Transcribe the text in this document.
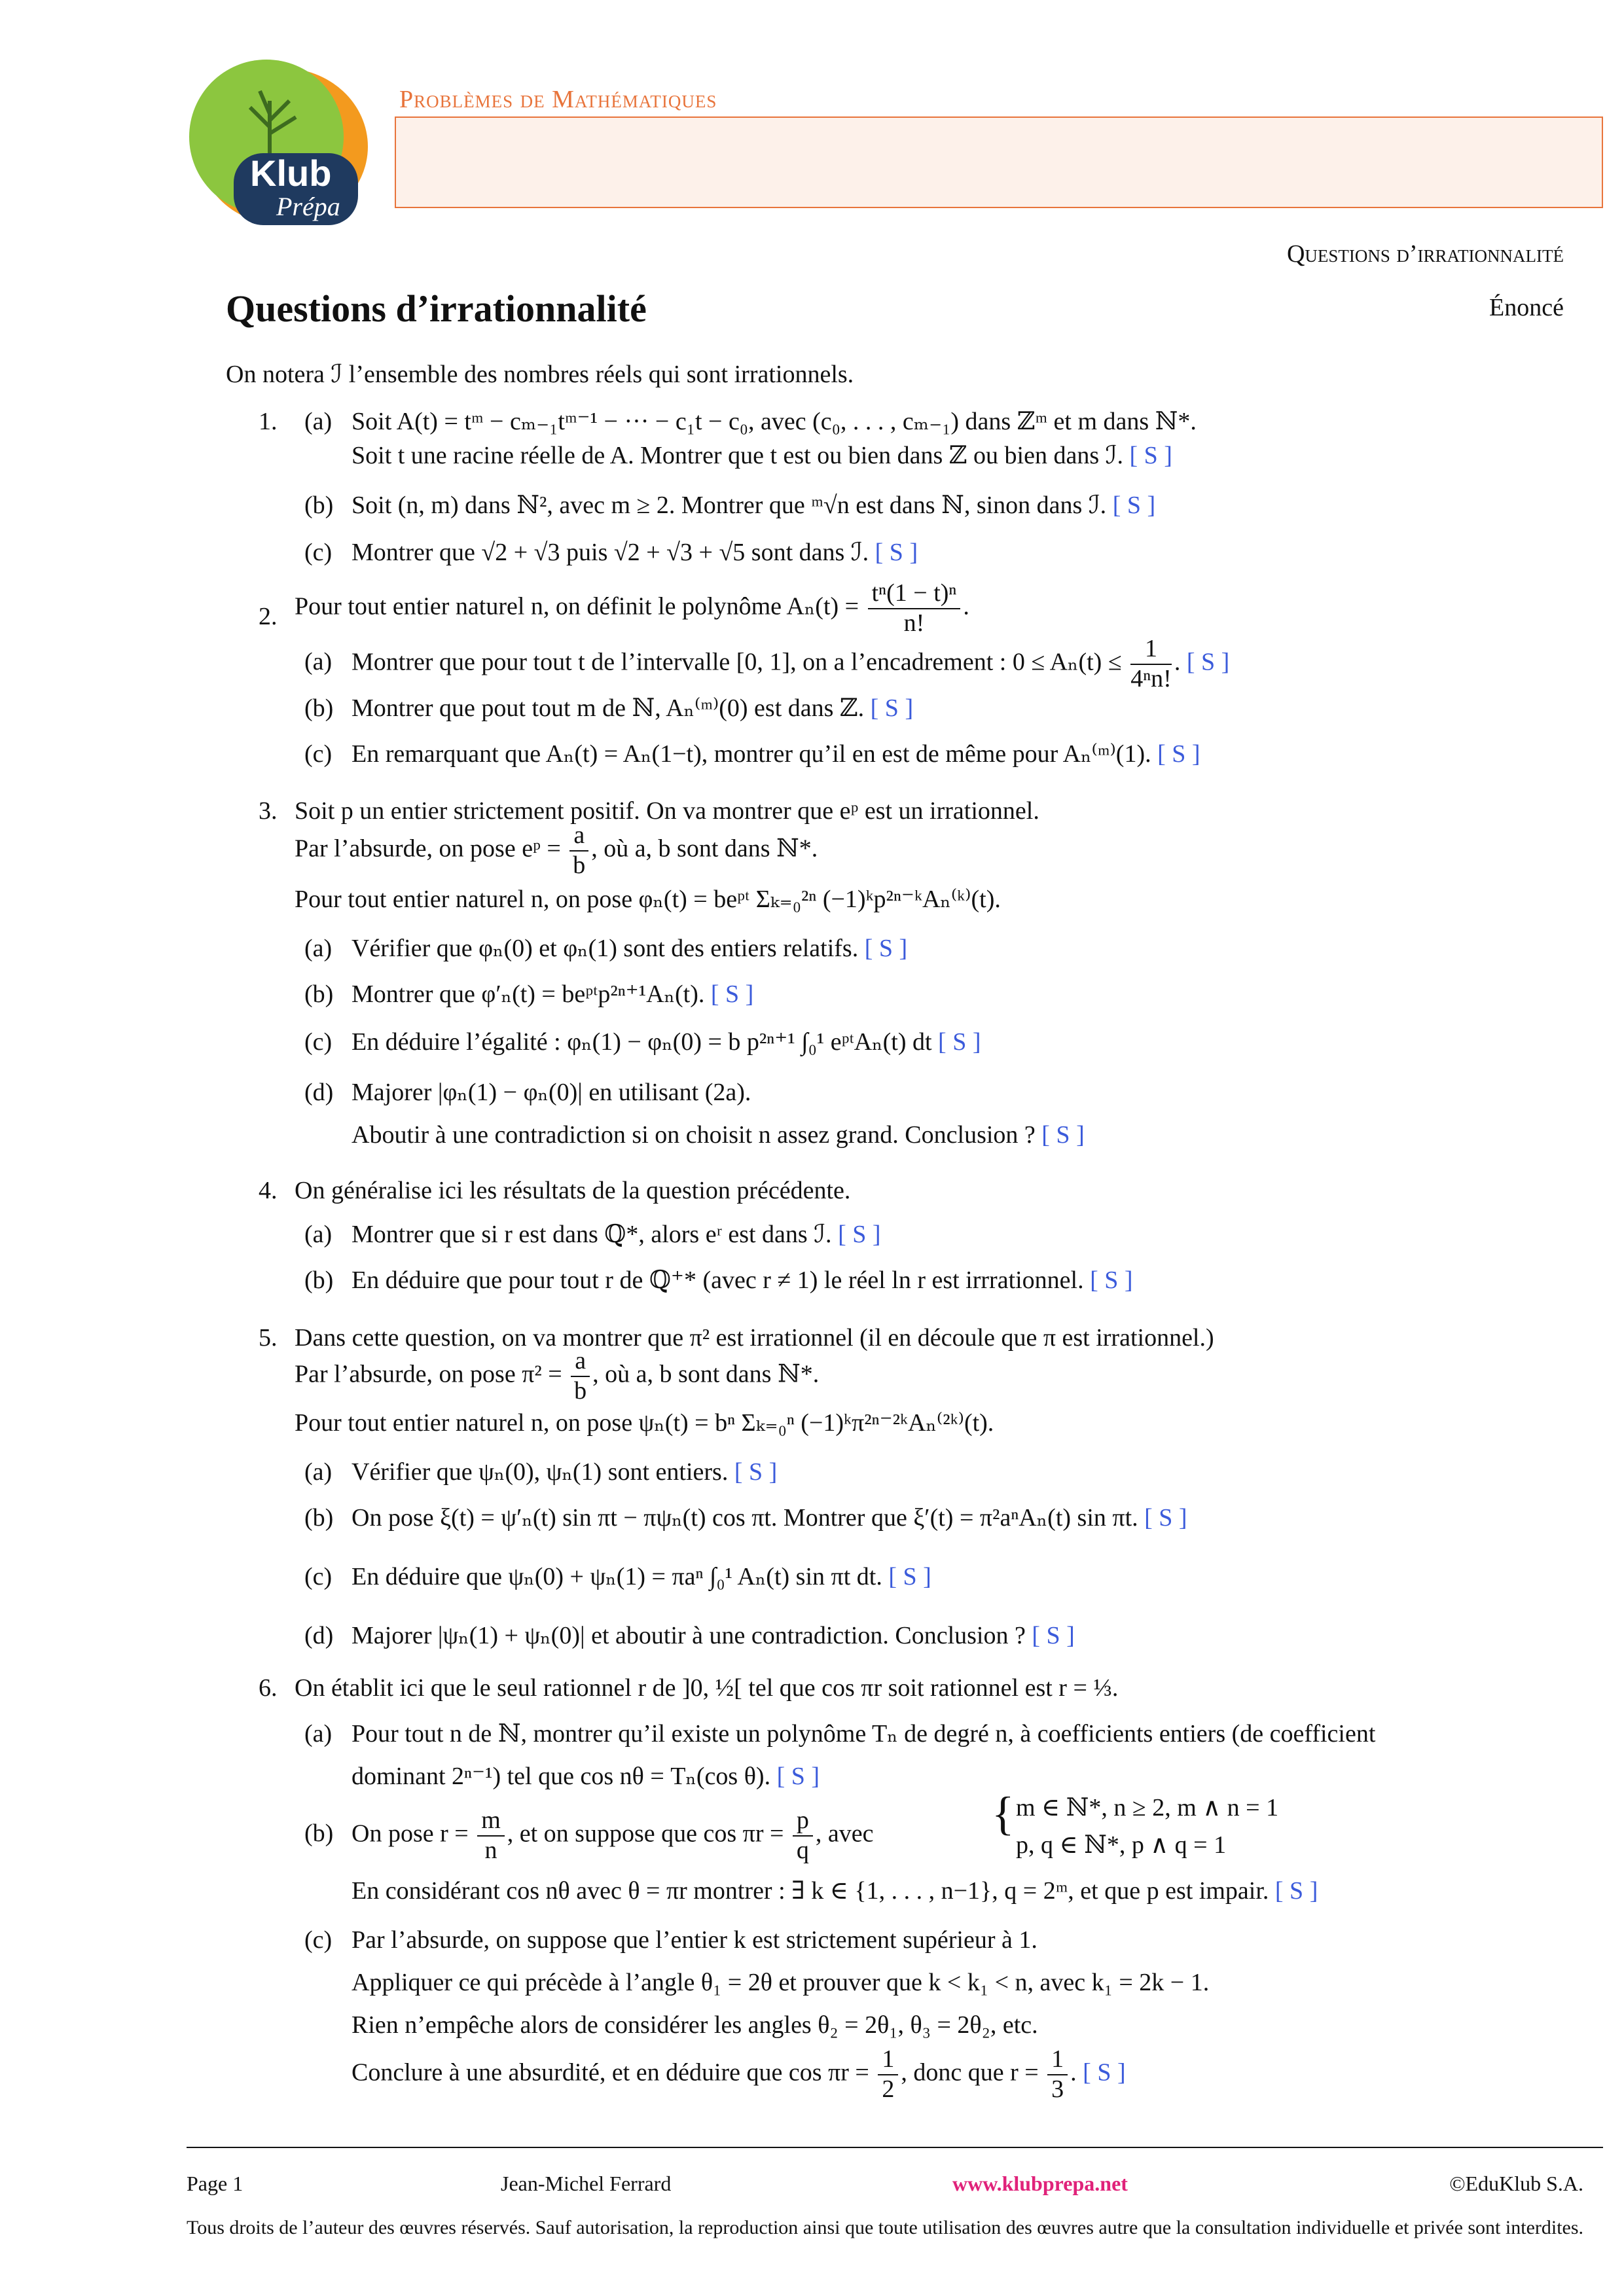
Klub
Prépa
Problèmes de Mathématiques
Questions d’irrationnalité
Énoncé
Questions d’irrationnalité
On notera ℐ l’ensemble des nombres réels qui sont irrationnels.
1. (a) Soit A(t) = tᵐ − cₘ₋₁tᵐ⁻¹ − ··· − c₁t − c₀, avec (c₀, . . . , cₘ₋₁) dans ℤᵐ et m dans ℕ*.
Soit t une racine réelle de A. Montrer que t est ou bien dans ℤ ou bien dans ℐ. [ S ]
(b) Soit (n, m) dans ℕ², avec m ≥ 2. Montrer que ᵐ√n est dans ℕ, sinon dans ℐ. [ S ]
(c) Montrer que √2 + √3 puis √2 + √3 + √5 sont dans ℐ. [ S ]
2. Pour tout entier naturel n, on définit le polynôme $A_n(t) = \frac{\text{tⁿ(1 − t)ⁿ}}{n!}$ .
(a) Montrer que pour tout t de l’intervalle [0, 1], on a l’encadrement : $0 \le A_n(t) \le \frac{1}{\text{4ⁿn!}}$ . [ S ]
(b) Montrer que pout tout m de ℕ, Aₙ⁽ᵐ⁾(0) est dans ℤ. [ S ]
(c) En remarquant que Aₙ(t) = Aₙ(1−t), montrer qu’il en est de même pour Aₙ⁽ᵐ⁾(1). [ S ]
3. Soit p un entier strictement positif. On va montrer que eᵖ est un irrationnel.
Par l’absurde, on pose eᵖ = $\frac{a}{b}$ , où a, b sont dans ℕ*.
Pour tout entier naturel n, on pose φₙ(t) = beᵖᵗ Σₖ₌₀²ⁿ (−1)ᵏp²ⁿ⁻ᵏAₙ⁽ᵏ⁾(t).
(a) Vérifier que φₙ(0) et φₙ(1) sont des entiers relatifs. [ S ]
(b) Montrer que φ′ₙ(t) = beᵖᵗp²ⁿ⁺¹Aₙ(t). [ S ]
(c) En déduire l’égalité : φₙ(1) − φₙ(0) = b p²ⁿ⁺¹ ∫₀¹ eᵖᵗAₙ(t) dt [ S ]
(d) Majorer |φₙ(1) − φₙ(0)| en utilisant (2a).
Aboutir à une contradiction si on choisit n assez grand. Conclusion ? [ S ]
4. On généralise ici les résultats de la question précédente.
(a) Montrer que si r est dans ℚ*, alors eʳ est dans ℐ. [ S ]
(b) En déduire que pour tout r de ℚ⁺* (avec r ≠ 1) le réel ln r est irrrationnel. [ S ]
5. Dans cette question, on va montrer que π² est irrationnel (il en découle que π est irrationnel.)
Par l’absurde, on pose $\pi^2 = \frac{a}{b}$ , où a, b sont dans ℕ*.
Pour tout entier naturel n, on pose ψₙ(t) = bⁿ Σₖ₌₀ⁿ (−1)ᵏπ²ⁿ⁻²ᵏAₙ⁽²ᵏ⁾(t).
(a) Vérifier que ψₙ(0), ψₙ(1) sont entiers. [ S ]
(b) On pose ξ(t) = ψ′ₙ(t) sin πt − πψₙ(t) cos πt. Montrer que ξ′(t) = π²aⁿAₙ(t) sin πt. [ S ]
(c) En déduire que ψₙ(0) + ψₙ(1) = πaⁿ ∫₀¹ Aₙ(t) sin πt dt. [ S ]
(d) Majorer |ψₙ(1) + ψₙ(0)| et aboutir à une contradiction. Conclusion ? [ S ]
6. On établit ici que le seul rationnel r de ]0, ½[ tel que cos πr soit rationnel est r = ⅓.
(a) Pour tout n de ℕ, montrer qu’il existe un polynôme Tₙ de degré n, à coefficients entiers (de coefficient
dominant 2ⁿ⁻¹) tel que cos nθ = Tₙ(cos θ). [ S ]
(b) On pose $r = \frac{m}{n}$ , et on suppose que $\cos \pi r = \frac{p}{q}$ , avec	{ m ∈ ℕ*, n ≥ 2, m ∧ n = 1
p, q ∈ ℕ*, p ∧ q = 1
En considérant cos nθ avec θ = πr montrer : ∃ k ∈ {1, . . . , n−1}, q = 2ᵐ, et que p est impair. [ S ]
(c) Par l’absurde, on suppose que l’entier k est strictement supérieur à 1.
Appliquer ce qui précède à l’angle θ₁ = 2θ et prouver que k < k₁ < n, avec k₁ = 2k − 1.
Rien n’empêche alors de considérer les angles θ₂ = 2θ₁, θ₃ = 2θ₂, etc.
Conclure à une absurdité, et en déduire que $\cos \pi r = \frac{1}{2}$ , donc que $r = \frac{1}{3}$ . [ S ]
Page 1	Jean-Michel Ferrard	www.klubprepa.net	©EduKlub S.A.
Tous droits de l’auteur des œuvres réservés. Sauf autorisation, la reproduction ainsi que toute utilisation des œuvres autre que la consultation individuelle et privée sont interdites.
